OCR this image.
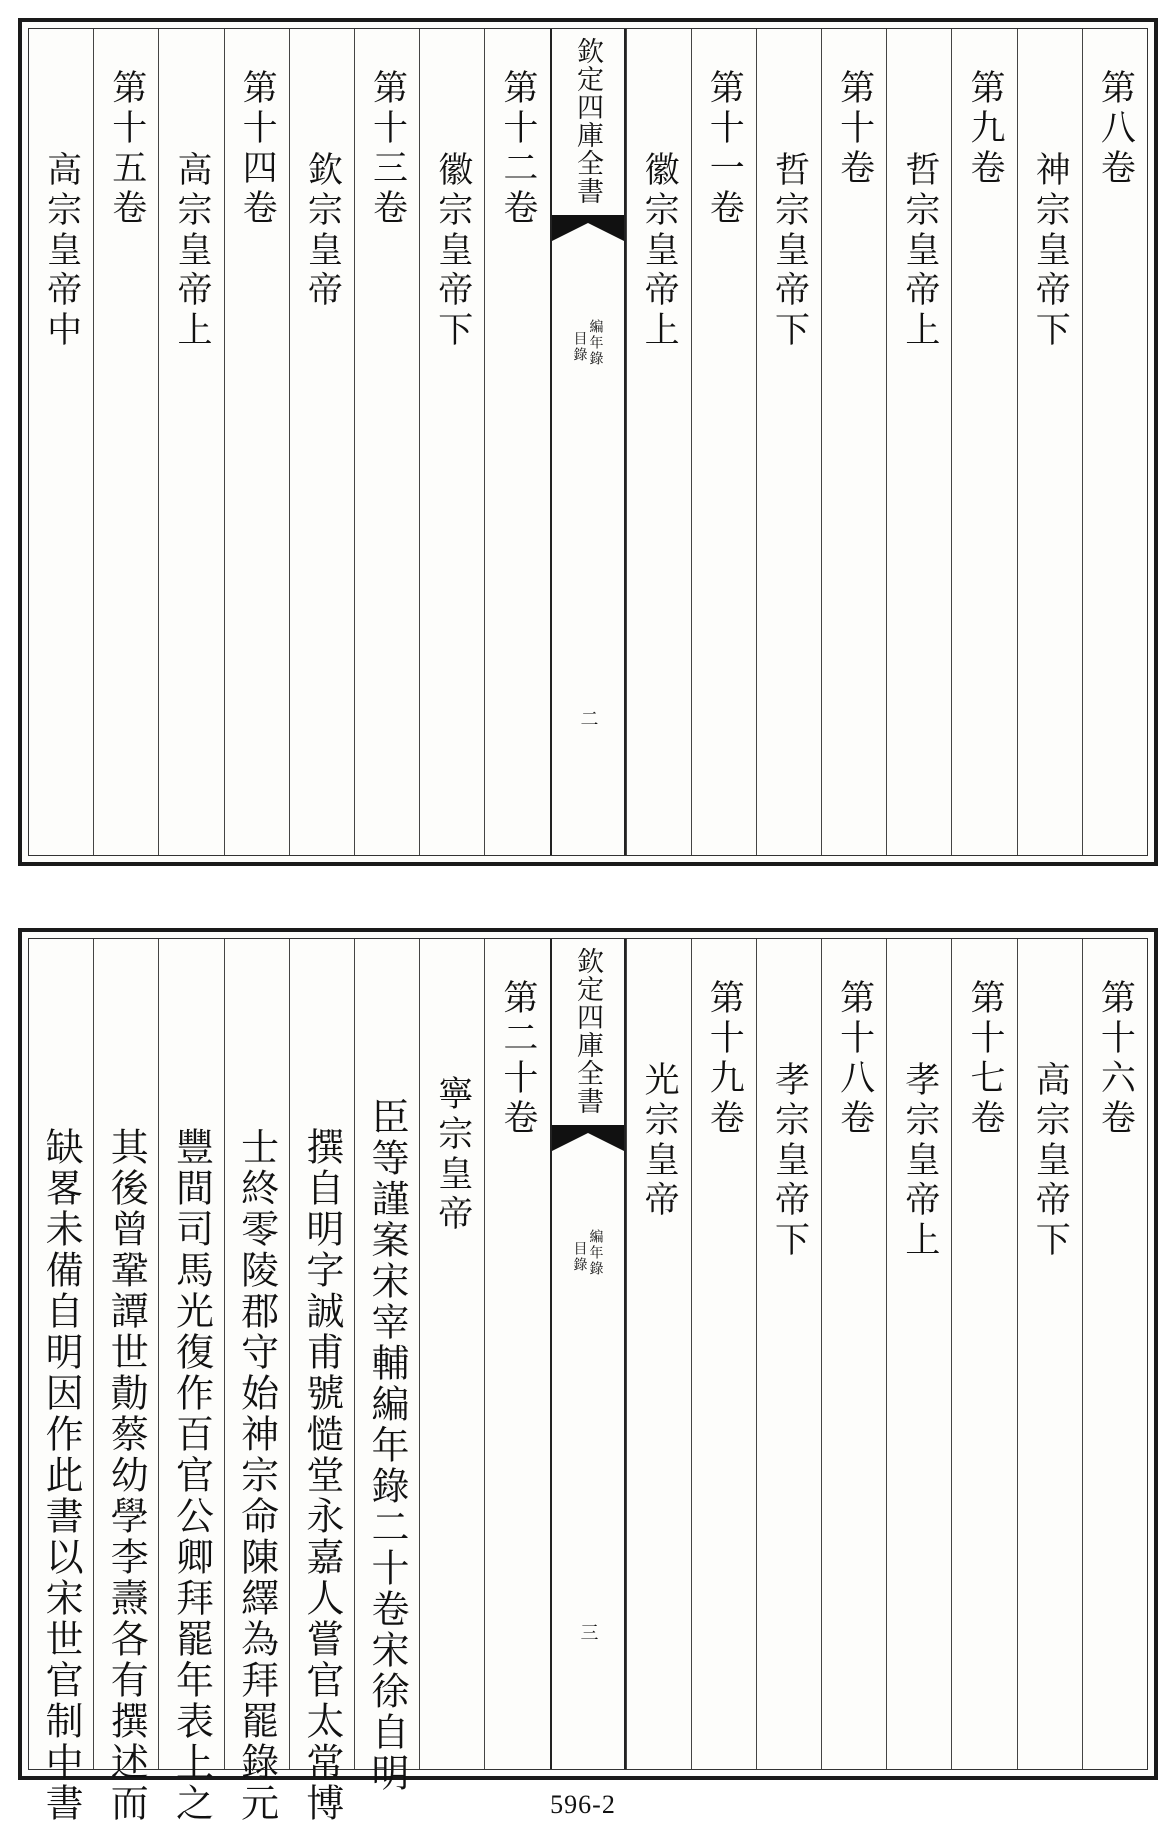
第八卷
神宗皇帝下
第九卷
哲宗皇帝上
第十卷
哲宗皇帝下
第十一卷
徽宗皇帝上
欽定四庫全書
編年錄
目錄
二
第十二卷
徽宗皇帝下
第十三卷
欽宗皇帝
第十四卷
高宗皇帝上
第十五卷
高宗皇帝中
第十六卷
高宗皇帝下
第十七卷
孝宗皇帝上
第十八卷
孝宗皇帝下
第十九卷
光宗皇帝
欽定四庫全書
編年錄
目錄
三
第二十卷
寧宗皇帝
臣等謹案宋宰輔編年錄二十卷宋徐自明
撰自明字誠甫號慥堂永嘉人嘗官太常博
士終零陵郡守始神宗命陳繹為拜罷錄元
豐間司馬光復作百官公卿拜罷年表上之
其後曾鞏譚世勣蔡幼學李燾各有撰述而
缺畧未備自明因作此書以宋世官制中書	596-2
